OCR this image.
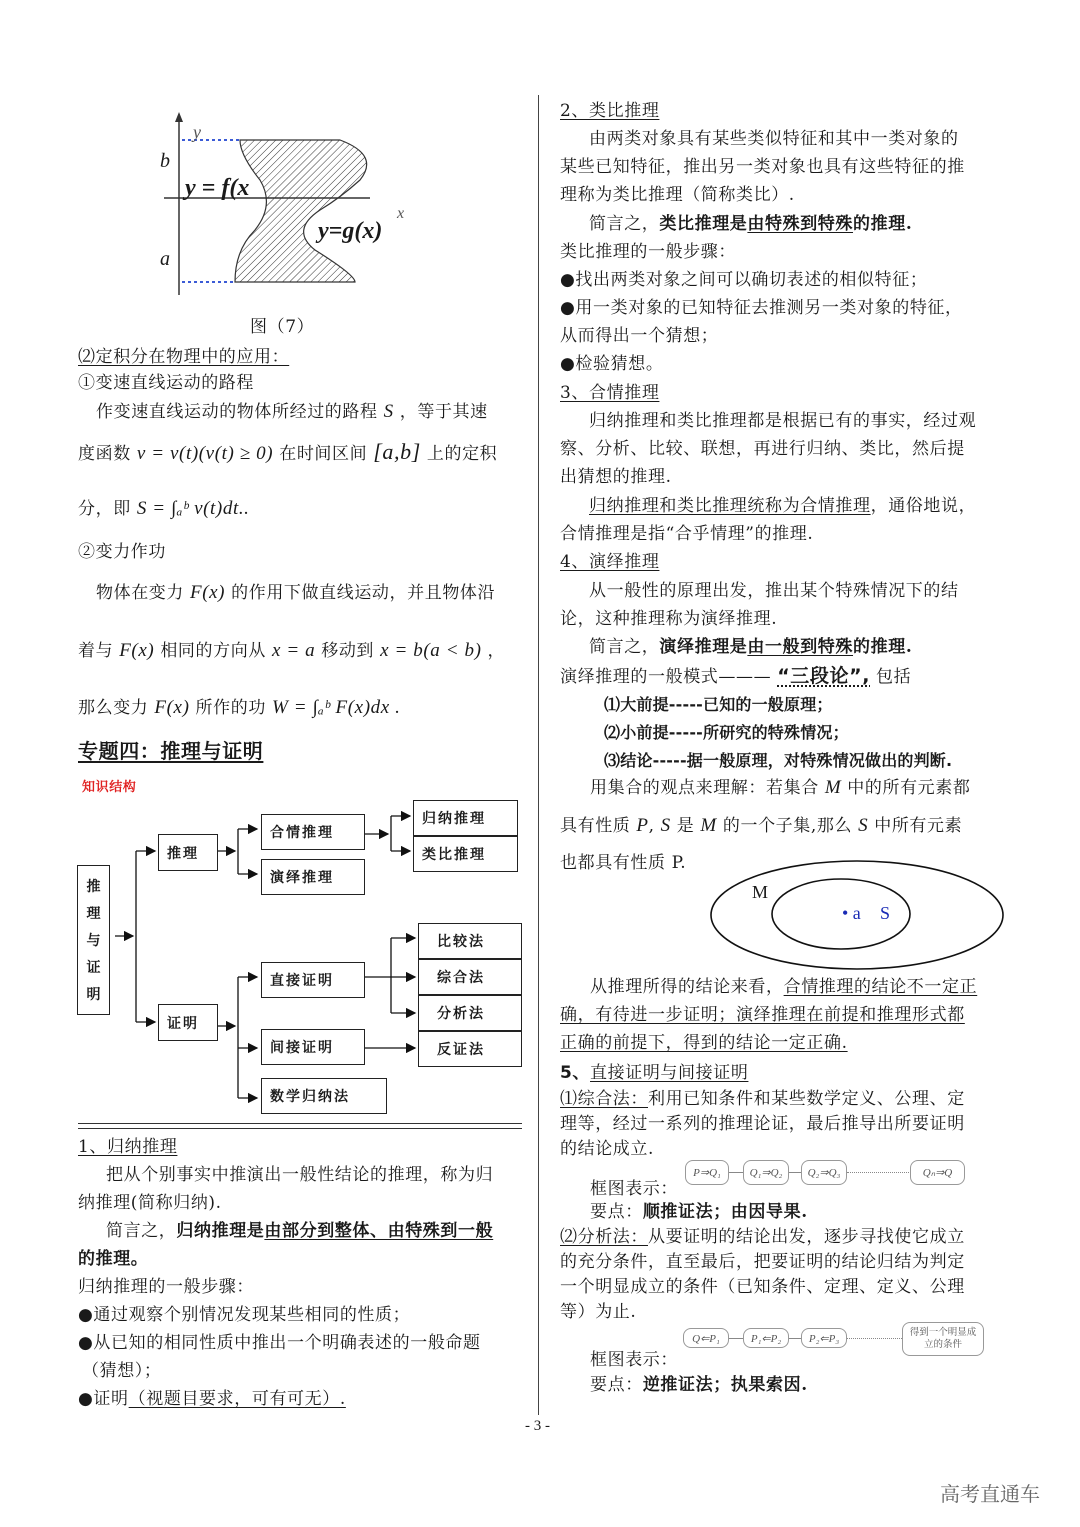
y
b
y = f(x
y=g(x)
x
a
图（7）
⑵定积分在物理中的应用：
①变速直线运动的路程
作变速直线运动的物体所经过的路程 S ，等于其速
度函数 v = v(t)(v(t) ≥ 0) 在时间区间 [a,b] 上的定积
分，即 S = ∫ₐᵇ v(t)dt..
②变力作功
物体在变力 F(x) 的作用下做直线运动，并且物体沿
着与 F(x) 相同的方向从 x = a 移动到 x = b(a < b) ，
那么变力 F(x) 所作的功 W = ∫ₐᵇ F(x)dx .
专题四：推理与证明
知识结构
推
理
与
证
明
推理
证明
合情推理
演绎推理
归纳推理
类比推理
直接证明
间接证明
数学归纳法
比较法
综合法
分析法
反证法
1、归纳推理
把从个别事实中推演出一般性结论的推理，称为归
纳推理(简称归纳).
简言之，归纳推理是由部分到整体、由特殊到一般
的推理。
归纳推理的一般步骤：
●通过观察个别情况发现某些相同的性质；
●从已知的相同性质中推出一个明确表述的一般命题
（猜想）；
●证明（视题目要求，可有可无）.
2、类比推理
由两类对象具有某些类似特征和其中一类对象的
某些已知特征，推出另一类对象也具有这些特征的推
理称为类比推理（简称类比）.
简言之，类比推理是由特殊到特殊的推理.
类比推理的一般步骤：
●找出两类对象之间可以确切表述的相似特征；
●用一类对象的已知特征去推测另一类对象的特征，
从而得出一个猜想；
●检验猜想。
3、合情推理
归纳推理和类比推理都是根据已有的事实，经过观
察、分析、比较、联想，再进行归纳、类比，然后提
出猜想的推理.
归纳推理和类比推理统称为合情推理，通俗地说，
合情推理是指“合乎情理”的推理.
4、演绎推理
从一般性的原理出发，推出某个特殊情况下的结
论，这种推理称为演绎推理.
简言之，演绎推理是由一般到特殊的推理.
演绎推理的一般模式——— “三段论”, 包括
⑴大前提-----已知的一般原理；
⑵小前提-----所研究的特殊情况；
⑶结论-----据一般原理，对特殊情况做出的判断.
用集合的观点来理解：若集合 M 中的所有元素都
具有性质 P, S 是 M 的一个子集,那么 S 中所有元素
也都具有性质 P.
M
• a S
从推理所得的结论来看，合情推理的结论不一定正
确，有待进一步证明；演绎推理在前提和推理形式都
正确的前提下，得到的结论一定正确.
5、直接证明与间接证明
⑴综合法：利用已知条件和某些数学定义、公理、定
理等，经过一系列的推理论证，最后推导出所要证明
的结论成立.
框图表示：
P⇒Q₁	Q₁⇒Q₂	Q₂⇒Q₃	Qₙ⇒Q
要点：顺推证法；由因导果.
⑵分析法：从要证明的结论出发，逐步寻找使它成立
的充分条件，直至最后，把要证明的结论归结为判定
一个明显成立的条件（已知条件、定理、定义、公理
等）为止.
框图表示：
Q⇐P₁	P₁⇐P₂	P₂⇐P₃	得到一个明显成立的条件
要点：逆推证法；执果索因.
- 3 -
高考直通车
